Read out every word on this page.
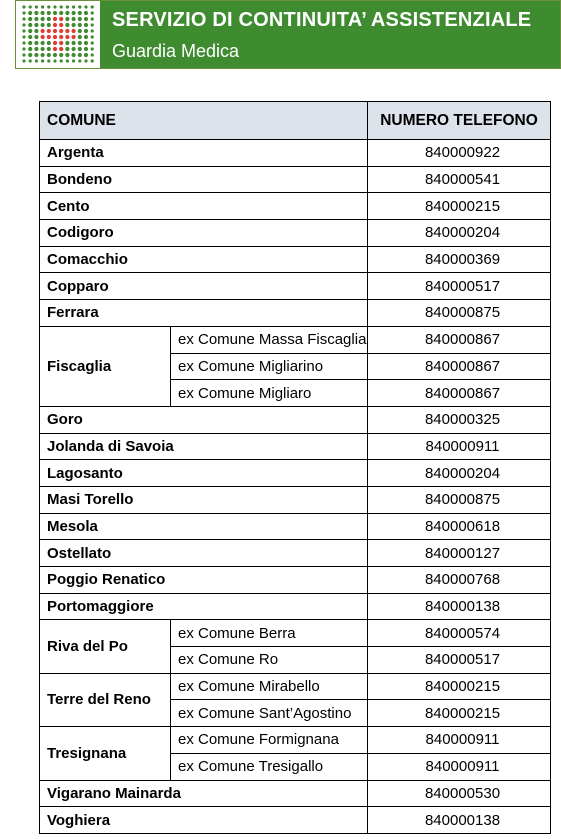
SERVIZIO DI CONTINUITA’ ASSISTENZIALE
Guardia Medica
COMUNE		NUMERO TELEFONO
Argenta		840000922
Bondeno		840000541
Cento		840000215
Codigoro		840000204
Comacchio		840000369
Copparo		840000517
Ferrara		840000875
Fiscaglia	ex Comune Massa Fiscaglia	840000867
	ex Comune Migliarino	840000867
	ex Comune Migliaro	840000867
Goro		840000325
Jolanda di Savoia		840000911
Lagosanto		840000204
Masi Torello		840000875
Mesola		840000618
Ostellato		840000127
Poggio Renatico		840000768
Portomaggiore		840000138
Riva del Po	ex Comune Berra	840000574
	ex Comune Ro	840000517
Terre del Reno	ex Comune Mirabello	840000215
	ex Comune Sant’Agostino	840000215
Tresignana	ex Comune Formignana	840000911
	ex Comune Tresigallo	840000911
Vigarano Mainarda		840000530
Voghiera		840000138
